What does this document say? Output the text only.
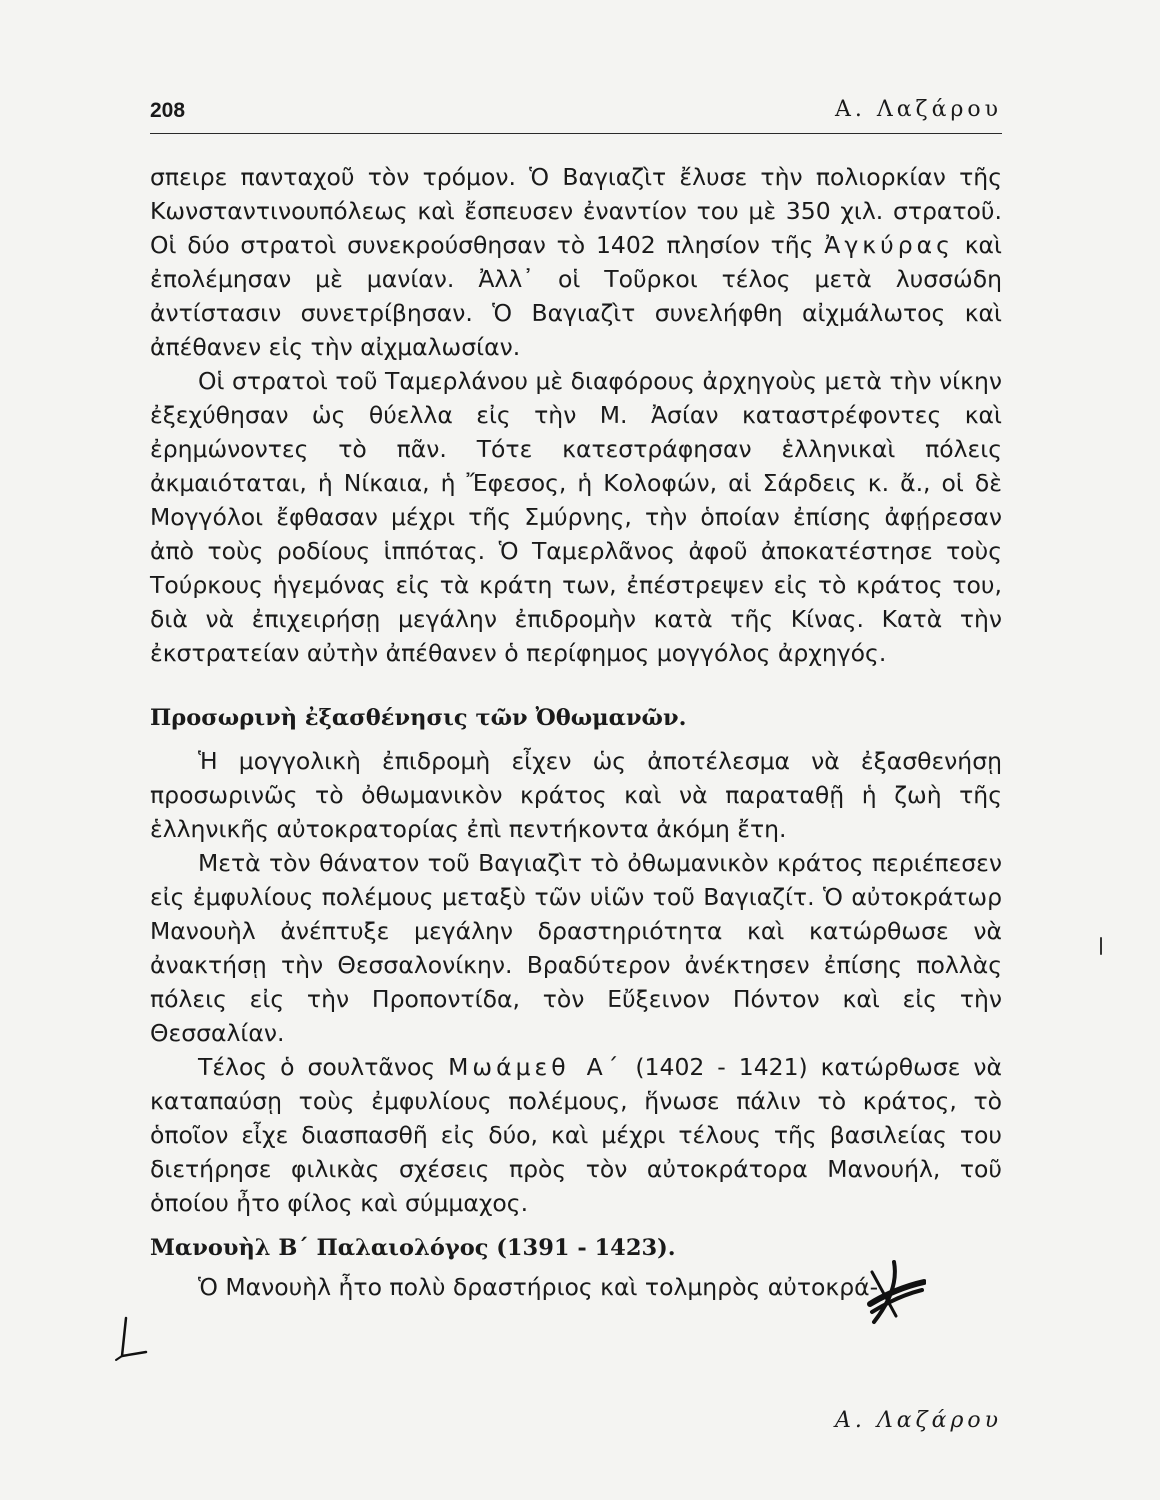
208	Α. Λαζάρου

σπειρε πανταχοῦ τὸν τρόμον. Ὁ Βαγιαζὶτ ἔλυσε τὴν πολιορκίαν τῆς Κωνσταντινουπόλεως καὶ ἔσπευσεν ἐναντίον του μὲ 350 χιλ. στρατοῦ. Οἱ δύο στρατοὶ συνεκρούσθησαν τὸ 1402 πλησίον τῆς Ἀγκύρας καὶ ἐπολέμησαν μὲ μανίαν. Ἀλλ᾽ οἱ Τοῦρκοι τέλος μετὰ λυσσώδη ἀντίστασιν συνετρίβησαν. Ὁ Βαγιαζὶτ συνελήφθη αἰχμάλωτος καὶ ἀπέθανεν εἰς τὴν αἰχμαλωσίαν.

Οἱ στρατοὶ τοῦ Ταμερλάνου μὲ διαφόρους ἀρχηγοὺς μετὰ τὴν νίκην ἐξεχύθησαν ὡς θύελλα εἰς τὴν Μ. Ἀσίαν καταστρέφοντες καὶ ἐρημώνοντες τὸ πᾶν. Τότε κατεστράφησαν ἑλληνικαὶ πόλεις ἀκμαιόταται, ἡ Νίκαια, ἡ Ἔφεσος, ἡ Κολοφών, αἱ Σάρδεις κ. ἄ., οἱ δὲ Μογγόλοι ἔφθασαν μέχρι τῆς Σμύρνης, τὴν ὁποίαν ἐπίσης ἀφῄρεσαν ἀπὸ τοὺς ροδίους ἱππότας. Ὁ Ταμερλᾶνος ἀφοῦ ἀποκατέστησε τοὺς Τούρκους ἡγεμόνας εἰς τὰ κράτη των, ἐπέστρεψεν εἰς τὸ κράτος του, διὰ νὰ ἐπιχειρήσῃ μεγάλην ἐπιδρομὴν κατὰ τῆς Κίνας. Κατὰ τὴν ἐκστρατείαν αὐτὴν ἀπέθανεν ὁ περίφημος μογγόλος ἀρχηγός.

Προσωρινὴ ἐξασθένησις τῶν Ὀθωμανῶν.

Ἡ μογγολικὴ ἐπιδρομὴ εἶχεν ὡς ἀποτέλεσμα νὰ ἐξασθενήσῃ προσωρινῶς τὸ ὀθωμανικὸν κράτος καὶ νὰ παραταθῇ ἡ ζωὴ τῆς ἑλληνικῆς αὐτοκρατορίας ἐπὶ πεντήκοντα ἀκόμη ἔτη.

Μετὰ τὸν θάνατον τοῦ Βαγιαζὶτ τὸ ὀθωμανικὸν κράτος περιέπεσεν εἰς ἐμφυλίους πολέμους μεταξὺ τῶν υἱῶν τοῦ Βαγιαζίτ. Ὁ αὐτοκράτωρ Μανουὴλ ἀνέπτυξε μεγάλην δραστηριότητα καὶ κατώρθωσε νὰ ἀνακτήσῃ τὴν Θεσσαλονίκην. Βραδύτερον ἀνέκτησεν ἐπίσης πολλὰς πόλεις εἰς τὴν Προποντίδα, τὸν Εὔξεινον Πόντον καὶ εἰς τὴν Θεσσαλίαν.

Τέλος ὁ σουλτᾶνος Μωάμεθ Α´ (1402 - 1421) κατώρθωσε νὰ καταπαύσῃ τοὺς ἐμφυλίους πολέμους, ἥνωσε πάλιν τὸ κράτος, τὸ ὁποῖον εἶχε διασπασθῆ εἰς δύο, καὶ μέχρι τέλους τῆς βασιλείας του διετήρησε φιλικὰς σχέσεις πρὸς τὸν αὐτοκράτορα Μανουήλ, τοῦ ὁποίου ἦτο φίλος καὶ σύμμαχος.

Μανουὴλ Β´ Παλαιολόγος (1391 - 1423).

Ὁ Μανουὴλ ἦτο πολὺ δραστήριος καὶ τολμηρὸς αὐτοκρά-

Α. Λαζάρου
